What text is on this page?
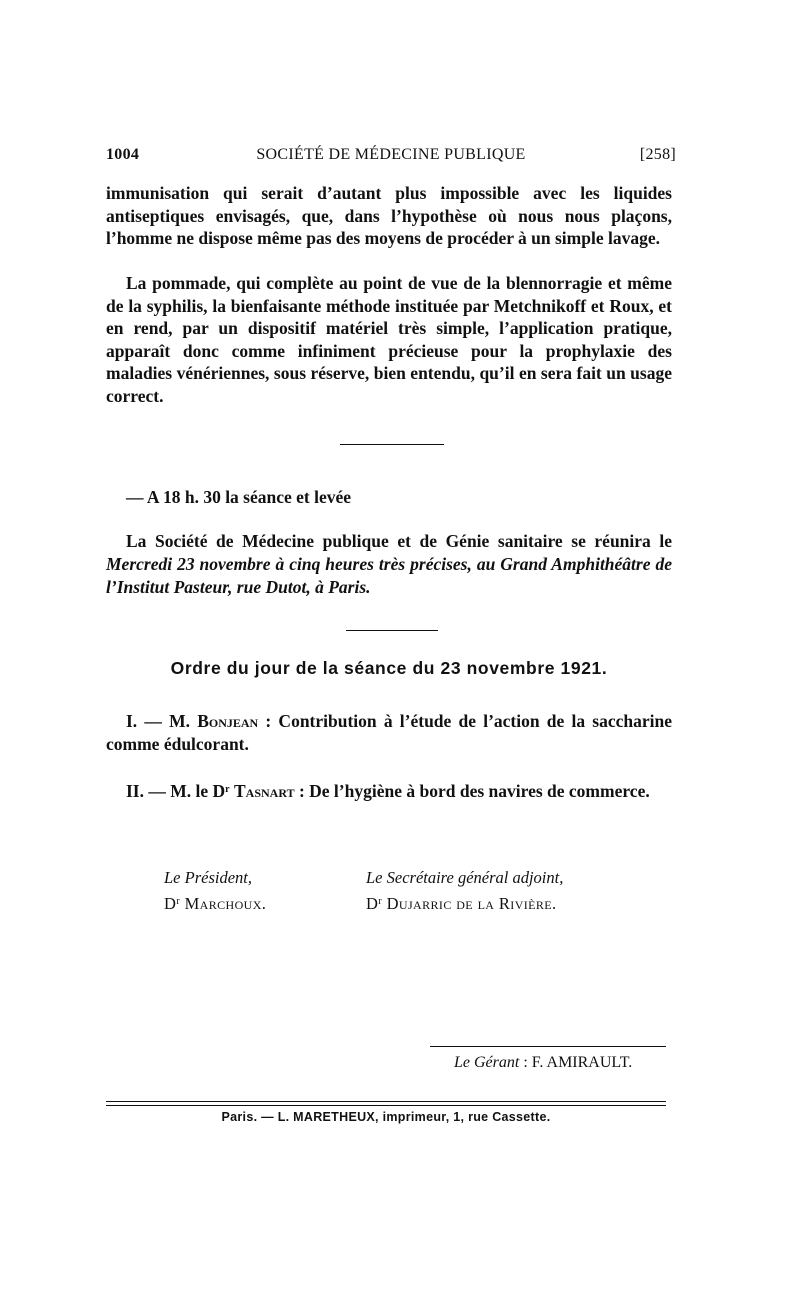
1004	SOCIÉTÉ DE MÉDECINE PUBLIQUE	[258]

immunisation qui serait d’autant plus impossible avec les liquides antiseptiques envisagés, que, dans l’hypothèse où nous nous plaçons, l’homme ne dispose même pas des moyens de procéder à un simple lavage.

La pommade, qui complète au point de vue de la blennorragie et même de la syphilis, la bienfaisante méthode instituée par Metchnikoff et Roux, et en rend, par un dispositif matériel très simple, l’application pratique, apparaît donc comme infiniment précieuse pour la prophylaxie des maladies vénériennes, sous réserve, bien entendu, qu’il en sera fait un usage correct.

— A 18 h. 30 la séance et levée

La Société de Médecine publique et de Génie sanitaire se réunira le Mercredi 23 novembre à cinq heures très précises, au Grand Amphithéâtre de l’Institut Pasteur, rue Dutot, à Paris.

Ordre du jour de la séance du 23 novembre 1921.

I. — M. Bonjean : Contribution à l’étude de l’action de la saccharine comme édulcorant.

II. — M. le $D^r$ Tasnart : De l’hygiène à bord des navires de commerce.

Le Président,
$D^r$ Marchoux.
Le Secrétaire général adjoint,
$D^r$ Dujarric de la Rivière.
Le Gérant : F. AMIRAULT.
Paris. — L. MARETHEUX, imprimeur, 1, rue Cassette.
